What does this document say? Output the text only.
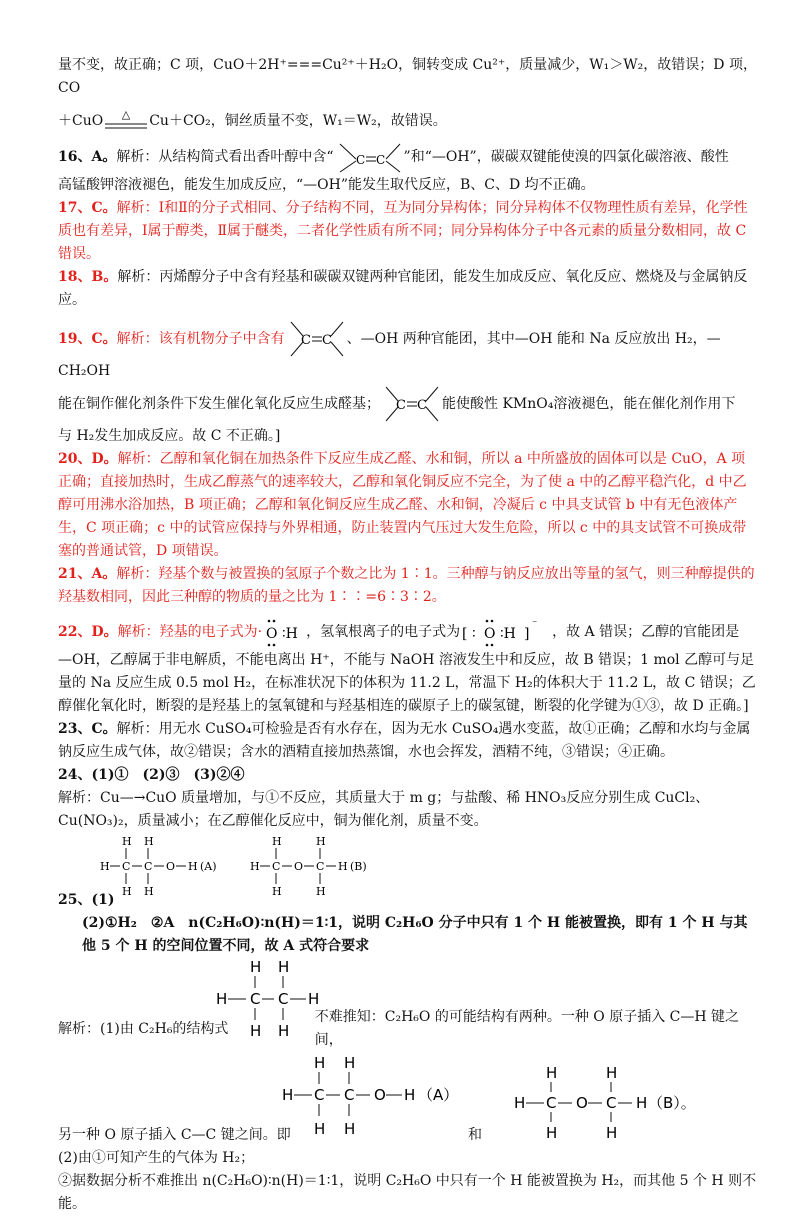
量不变，故正确；C 项，CuO＋2H⁺===Cu²⁺＋H₂O，铜转变成 Cu²⁺，质量减少，W₁＞W₂，故错误；D 项，CO

＋CuO △ Cu＋CO₂，铜丝质量不变，W₁＝W₂，故错误。

16、A。解析：从结构简式看出香叶醇中含“ C C ”和“—OH”，碳碳双键能使溴的四氯化碳溶液、酸性

高锰酸钾溶液褪色，能发生加成反应，“—OH”能发生取代反应，B、C、D 均不正确。

17、C。解析：Ⅰ和Ⅱ的分子式相同、分子结构不同，互为同分异构体；同分异构体不仅物理性质有差异，化学性质也有差异，Ⅰ属于醇类，Ⅱ属于醚类，二者化学性质有所不同；同分异构体分子中各元素的质量分数相同，故 C 错误。

18、B。解析：丙烯醇分子中含有羟基和碳碳双键两种官能团，能发生加成反应、氧化反应、燃烧及与金属钠反应。

19、C。解析：该有机物分子中含有 C C 、—OH 两种官能团，其中—OH 能和 Na 反应放出 H₂，—CH₂OH

能在铜作催化剂条件下发生催化氧化反应生成醛基； C C 能使酸性 KMnO₄溶液褪色，能在催化剂作用下

与 H₂发生加成反应。故 C 不正确。]

20、D。解析：乙醇和氧化铜在加热条件下反应生成乙醛、水和铜，所以 a 中所盛放的固体可以是 CuO，A 项正确；直接加热时，生成乙醇蒸气的速率较大，乙醇和氧化铜反应不完全，为了使 a 中的乙醇平稳汽化，d 中乙醇可用沸水浴加热，B 项正确；乙醇和氧化铜反应生成乙醛、水和铜，冷凝后 c 中具支试管 b 中有无色液体产生，C 项正确；c 中的试管应保持与外界相通，防止装置内气压过大发生危险，所以 c 中的具支试管不可换成带塞的普通试管，D 项错误。

21、A。解析：羟基个数与被置换的氢原子个数之比为 1∶1。三种醇与钠反应放出等量的氢气，则三种醇提供的羟基数相同，因此三种醇的物质的量之比为 1∶∶=6∶3∶2。

22、D。解析：羟基的电子式为· O ∶H ，氢氧根离子的电子式为 [ ∶ O ∶H ]
⁻ ，故 A 错误；乙醇的官能团是

—OH，乙醇属于非电解质，不能电离出 H⁺，不能与 NaOH 溶液发生中和反应，故 B 错误；1 mol 乙醇可与足量的 Na 反应生成 0.5 mol H₂，在标准状况下的体积为 11.2 L，常温下 H₂的体积大于 11.2 L，故 C 错误；乙醇催化氧化时，断裂的是羟基上的氢氧键和与羟基相连的碳原子上的碳氢键，断裂的化学键为①③，故 D 正确。]

23、C。解析：用无水 CuSO₄可检验是否有水存在，因为无水 CuSO₄遇水变蓝，故①正确；乙醇和水均与金属钠反应生成气体，故②错误；含水的酒精直接加热蒸馏，水也会挥发，酒精不纯，③错误；④正确。

24、(1)①　(2)③　(3)②④

解析：Cu—→CuO 质量增加，与①不反应，其质量大于 m g；与盐酸、稀 HNO₃反应分别生成 CuCl₂、Cu(NO₃)₂，质量减小；在乙醇催化反应中，铜为催化剂，质量不变。

H H
H C C O H (A)
H H
H	H
H C O C H (B)
H	H

25、(1)

(2)①H₂　②A　n(C₂H₆O)∶n(H)＝1∶1，说明 C₂H₆O 分子中只有 1 个 H 能被置换，即有 1 个 H 与其他 5 个 H 的空间位置不同，故 A 式符合要求

H H
H C C H
H H
解析：(1)由 C₂H₆的结构式
不难推知：C₂H₆O 的可能结构有两种。一种 O 原子插入 C—H 键之间，
H H
H C C O H （A）
H H
H	H
H C O C H （B）。
H	H
另一种 O 原子插入 C—C 键之间。即	和

(2)由①可知产生的气体为 H₂；

②据数据分析不难推出 n(C₂H₆O)∶n(H)＝1∶1，说明 C₂H₆O 中只有一个 H 能被置换为 H₂，而其他 5 个 H 则不能。
